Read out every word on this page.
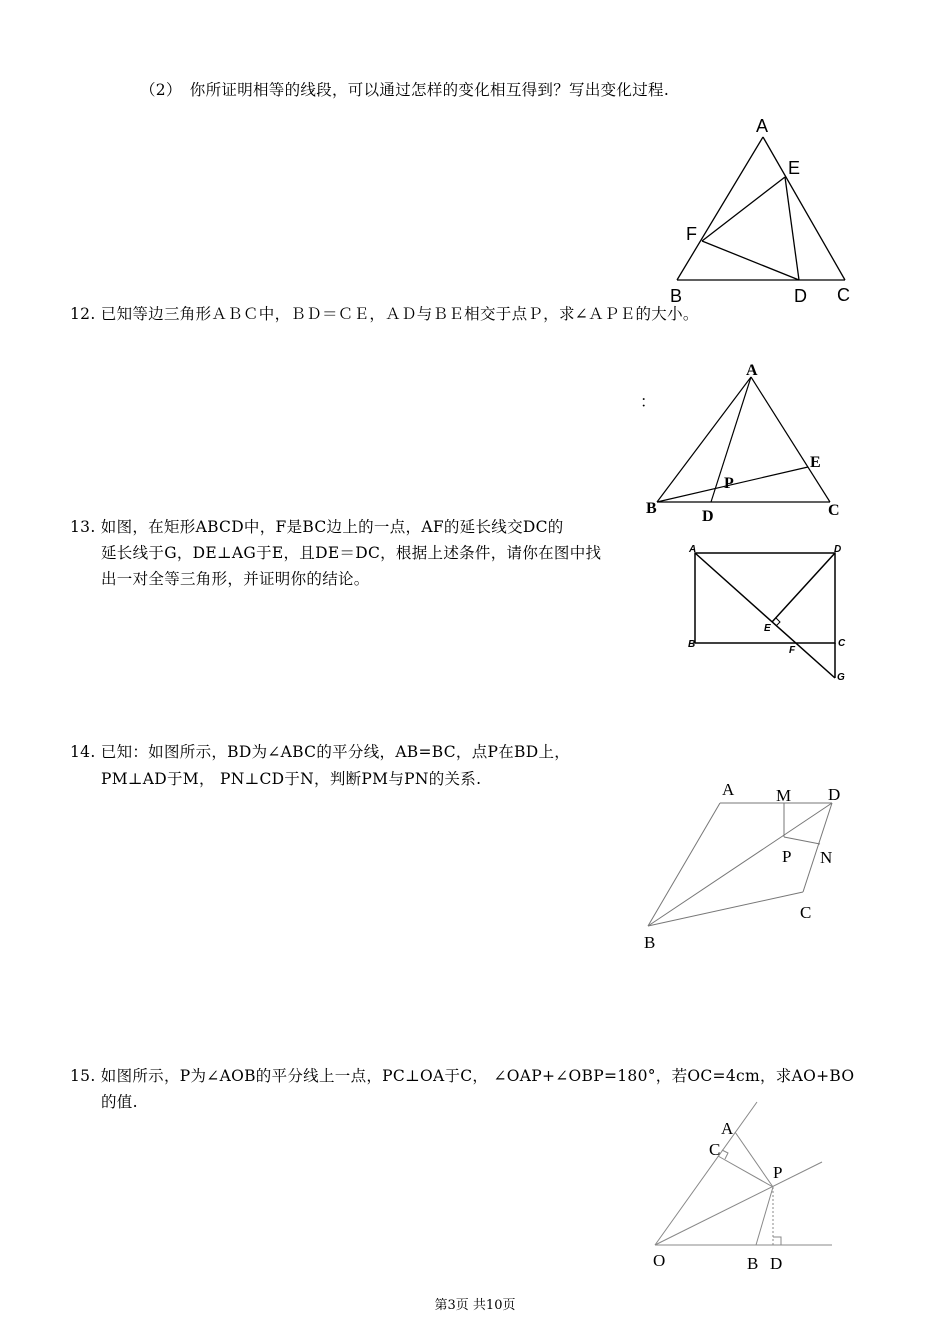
（2）　你所证明相等的线段，可以通过怎样的变化相互得到？写出变化过程.
A
E
F
B	D C
12. 已知等边三角形ＡＢＣ中，ＢＤ＝ＣＥ，ＡＤ与ＢＥ相交于点Ｐ，求∠ＡＰＥ的大小。
A
E
P
B	D	C
：
13. 如图，在矩形ABCD中，F是BC边上的一点，AF的延长线交DC的
延长线于G，DE⊥AG于E，且DE＝DC，根据上述条件，请你在图中找
出一对全等三角形，并证明你的结论。
A	D
E
B
F
C
G
14. 已知：如图所示，BD为∠ABC的平分线，AB=BC，点P在BD上，
PM⊥AD于M， PN⊥CD于N，判断PM与PN的关系.
A M D
P N
C
B
15. 如图所示，P为∠AOB的平分线上一点，PC⊥OA于C， ∠OAP+∠OBP=180°，若OC=4cm，求AO+BO
的值.
A
C
P
O	B D
第3页 共10页
